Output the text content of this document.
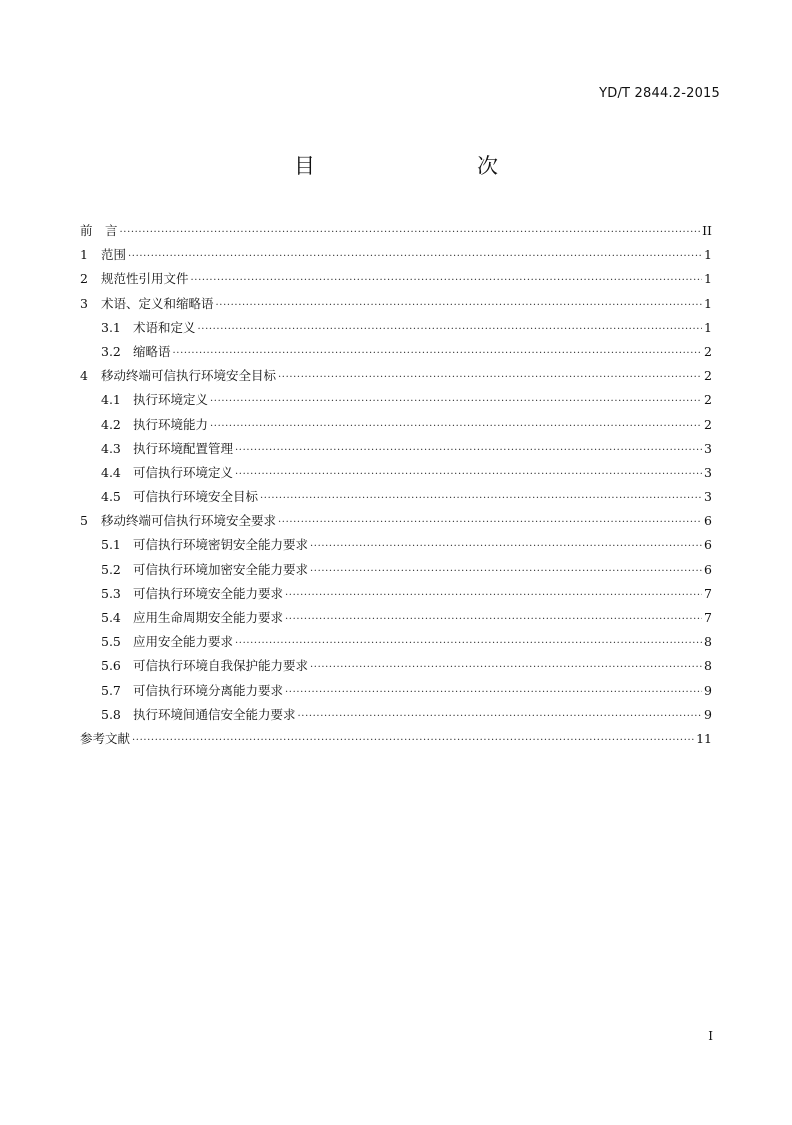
YD/T 2844.2-2015
目　　次
前　言 ·····	II
1	范围 ·····	1
2	规范性引用文件 ·····	1
3	术语、定义和缩略语 ·····	1
3.1 术语和定义 ·····	1
3.2 缩略语 ·····	2
4	移动终端可信执行环境安全目标 ·····	2
4.1 执行环境定义 ·····	2
4.2 执行环境能力 ·····	2
4.3 执行环境配置管理 ·····	3
4.4 可信执行环境定义 ·····	3
4.5 可信执行环境安全目标 ·····	3
5	移动终端可信执行环境安全要求 ·····	6
5.1 可信执行环境密钥安全能力要求 ·····	6
5.2 可信执行环境加密安全能力要求 ·····	6
5.3 可信执行环境安全能力要求 ·····	7
5.4 应用生命周期安全能力要求 ·····	7
5.5 应用安全能力要求 ·····	8
5.6 可信执行环境自我保护能力要求 ·····	8
5.7 可信执行环境分离能力要求 ·····	9
5.8 执行环境间通信安全能力要求 ·····	9
参考文献 ·····	11
I
